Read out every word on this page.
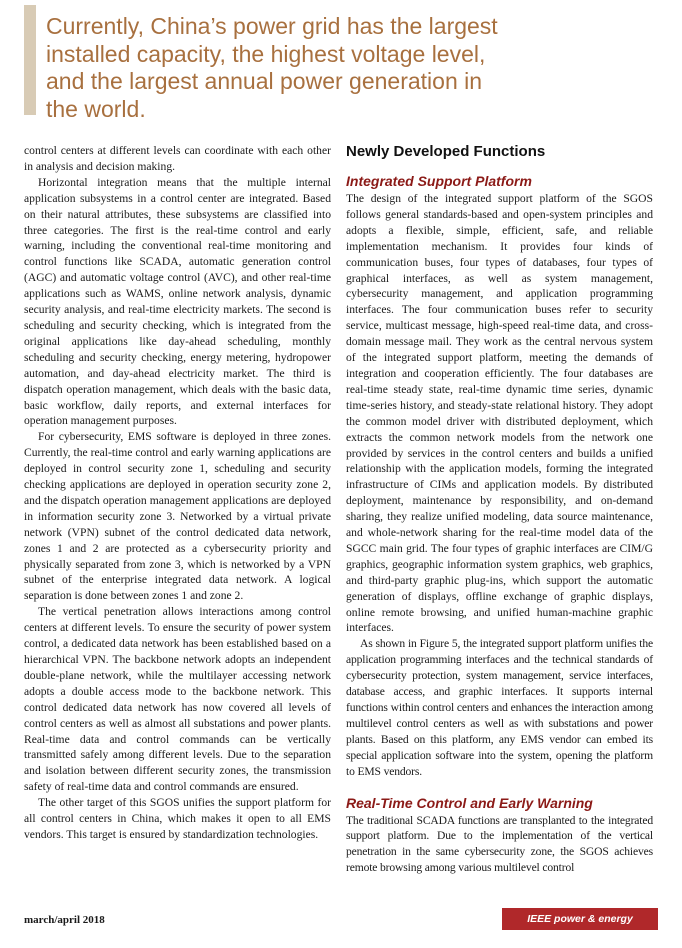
Currently, China’s power grid has the largest installed capacity, the highest voltage level, and the largest annual power generation in the world.

control centers at different levels can coordinate with each other in analysis and decision making.

Horizontal integration means that the multiple internal application subsystems in a control center are integrated. Based on their natural attributes, these subsystems are classified into three categories. The first is the real-time control and early warning, including the conventional real-time monitoring and control functions like SCADA, automatic generation control (AGC) and automatic voltage control (AVC), and other real-time applications such as WAMS, online network analysis, dynamic security analysis, and real-time electricity markets. The second is scheduling and security checking, which is integrated from the original applications like day-ahead scheduling, monthly scheduling and security checking, energy metering, hydropower automation, and day-ahead electricity market. The third is dispatch operation management, which deals with the basic data, basic workflow, daily reports, and external interfaces for operation management purposes.

For cybersecurity, EMS software is deployed in three zones. Currently, the real-time control and early warning applications are deployed in control security zone 1, scheduling and security checking applications are deployed in operation security zone 2, and the dispatch operation management applications are deployed in information security zone 3. Networked by a virtual private network (VPN) subnet of the control dedicated data network, zones 1 and 2 are protected as a cybersecurity priority and physically separated from zone 3, which is networked by a VPN subnet of the enterprise integrated data network. A logical separation is done between zones 1 and zone 2.

The vertical penetration allows interactions among control centers at different levels. To ensure the security of power system control, a dedicated data network has been established based on a hierarchical VPN. The backbone network adopts an independent double-plane network, while the multilayer accessing network adopts a double access mode to the backbone network. This control dedicated data network has now covered all levels of control centers as well as almost all substations and power plants. Real-time data and control commands can be vertically transmitted safely among different levels. Due to the separation and isolation between different security zones, the transmission safety of real-time data and control commands are ensured.

The other target of this SGOS unifies the support platform for all control centers in China, which makes it open to all EMS vendors. This target is ensured by standardization technologies.

Newly Developed Functions
Integrated Support Platform

The design of the integrated support platform of the SGOS follows general standards-based and open-system principles and adopts a flexible, simple, efficient, safe, and reliable implementation mechanism. It provides four kinds of communication buses, four types of databases, four types of graphical interfaces, as well as system management, cybersecurity management, and application programming interfaces. The four communication buses refer to security service, multicast message, high-speed real-time data, and cross-domain message mail. They work as the central nervous system of the integrated support platform, meeting the demands of integration and cooperation efficiently. The four databases are real-time steady state, real-time dynamic time series, dynamic time-series history, and steady-state relational history. They adopt the common model driver with distributed deployment, which extracts the common network models from the network one provided by services in the control centers and builds a unified relationship with the application models, forming the integrated infrastructure of CIMs and application models. By distributed deployment, maintenance by responsibility, and on-demand sharing, they realize unified modeling, data source maintenance, and whole-network sharing for the real-time model data of the SGCC main grid. The four types of graphic interfaces are CIM/G graphics, geographic information system graphics, web graphics, and third-party graphic plug-ins, which support the automatic generation of displays, offline exchange of graphic displays, online remote browsing, and unified human-machine graphic interfaces.

As shown in Figure 5, the integrated support platform unifies the application programming interfaces and the technical standards of cybersecurity protection, system management, service interfaces, database access, and graphic interfaces. It supports internal functions within control centers and enhances the interaction among multilevel control centers as well as with substations and power plants. Based on this platform, any EMS vendor can embed its special application software into the system, opening the platform to EMS vendors.

Real-Time Control and Early Warning

The traditional SCADA functions are transplanted to the integrated support platform. Due to the implementation of the vertical penetration in the same cybersecurity zone, the SGOS achieves remote browsing among various multilevel control

march/april 2018	IEEE power & energy magazine
